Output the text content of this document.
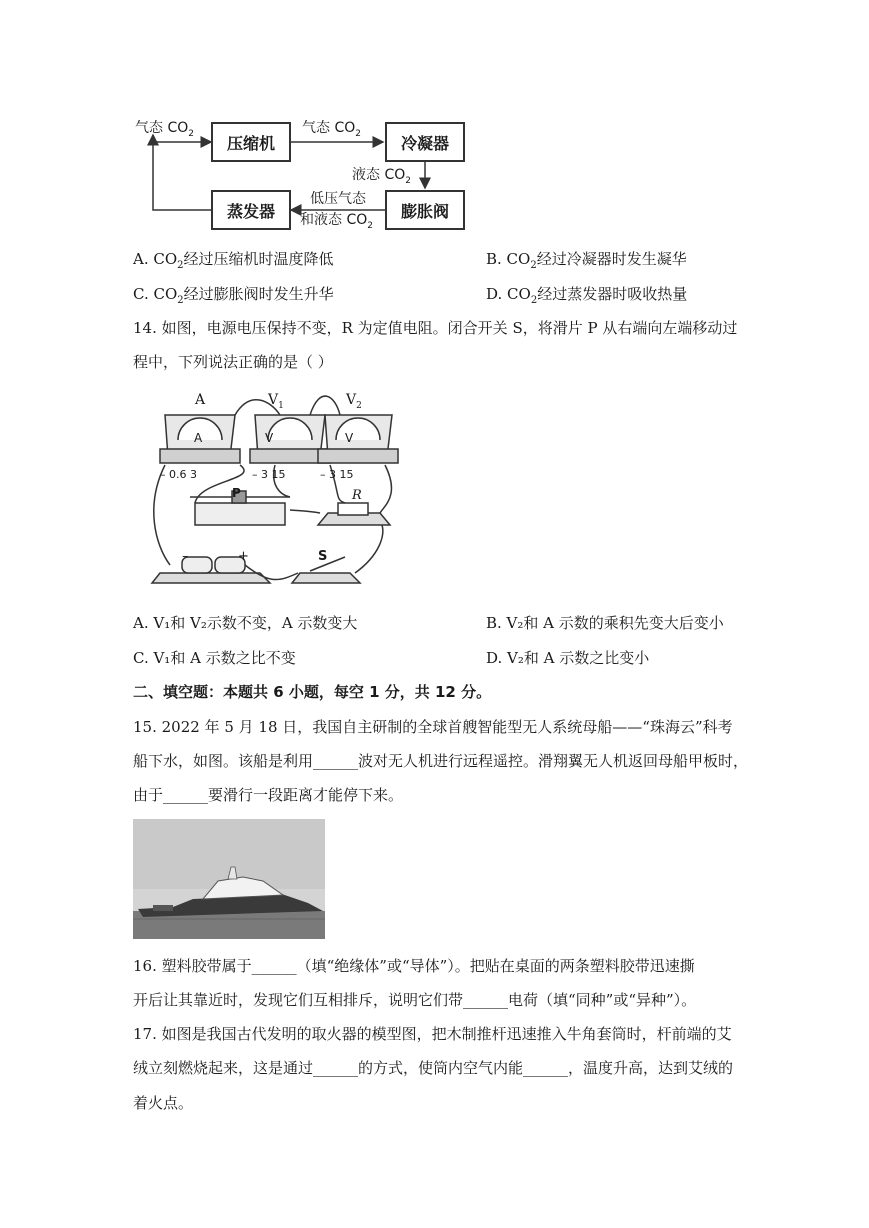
压缩机	冷凝器
蒸发器	膨胀阀
气态 $CO_2$	气态 $CO_2$
液态 $CO_2$
低压气态
和液态 $CO_2$
A. $CO_2$经过压缩机时温度降低	B. $CO_2$经过冷凝器时发生凝华
C. $CO_2$经过膨胀阀时发生升华	D. $CO_2$经过蒸发器时吸收热量
14. 如图，电源电压保持不变，R 为定值电阻。闭合开关 S，将滑片 P 从右端向左端移动过
程中，下列说法正确的是（ ）
A	$V_1$	$V_2$
A	V	V
– 0.6 3	– 3 15	– 3 15
P	R
S
–	+
A. V₁和 V₂示数不变，A 示数变大	B. V₂和 A 示数的乘积先变大后变小
C. V₁和 A 示数之比不变	D. V₂和 A 示数之比变小
二、填空题：本题共 6 小题，每空 1 分，共 12 分。
15. 2022 年 5 月 18 日，我国自主研制的全球首艘智能型无人系统母船——“珠海云”科考
船下水，如图。该船是利用______波对无人机进行远程遥控。滑翔翼无人机返回母船甲板时，
由于______要滑行一段距离才能停下来。
16. 塑料胶带属于______（填“绝缘体”或“导体”）。把贴在桌面的两条塑料胶带迅速撕
开后让其靠近时，发现它们互相排斥，说明它们带______电荷（填“同种”或“异种”）。
17. 如图是我国古代发明的取火器的模型图，把木制推杆迅速推入牛角套筒时，杆前端的艾
绒立刻燃烧起来，这是通过______的方式，使筒内空气内能______，温度升高，达到艾绒的
着火点。
